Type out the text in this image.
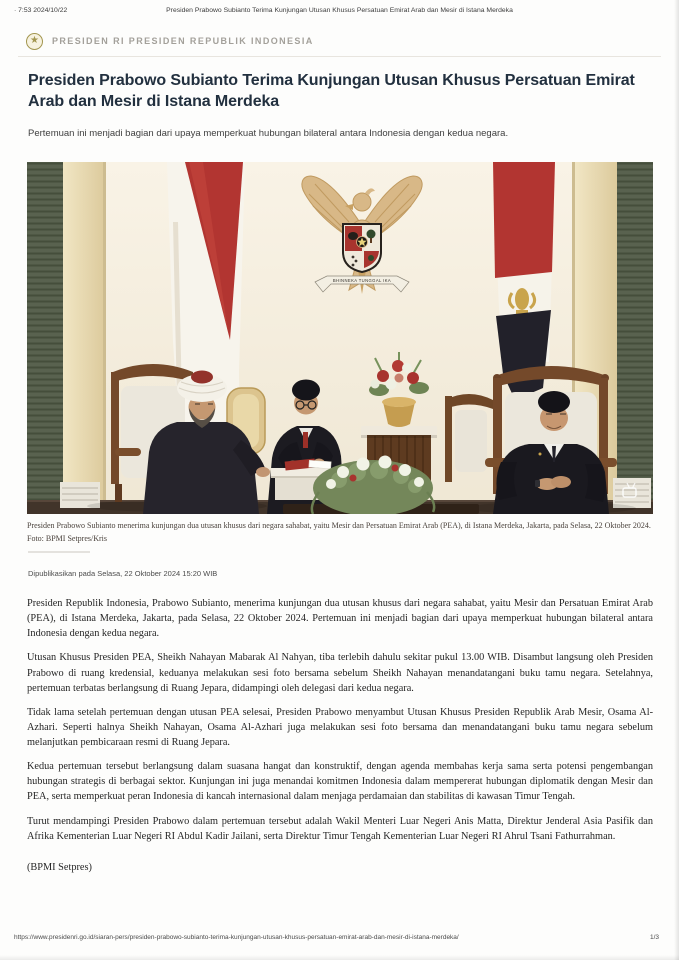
· 7:53 2024/10/22	Presiden Prabowo Subianto Terima Kunjungan Utusan Khusus Persatuan Emirat Arab dan Mesir di Istana Merdeka
★ PRESIDEN RI PRESIDEN REPUBLIK INDONESIA
Presiden Prabowo Subianto Terima Kunjungan Utusan Khusus Persatuan Emirat Arab dan Mesir di Istana Merdeka
Pertemuan ini menjadi bagian dari upaya memperkuat hubungan bilateral antara Indonesia dengan kedua negara.
BHINNEKA TUNGGAL IKA
Presiden Prabowo Subianto menerima kunjungan dua utusan khusus dari negara sahabat, yaitu Mesir dan Persatuan Emirat Arab (PEA), di Istana Merdeka, Jakarta, pada Selasa, 22 Oktober 2024. Foto: BPMI Setpres/Kris
Dipublikasikan pada Selasa, 22 Oktober 2024 15:20 WIB

Presiden Republik Indonesia, Prabowo Subianto, menerima kunjungan dua utusan khusus dari negara sahabat, yaitu Mesir dan Persatuan Emirat Arab (PEA), di Istana Merdeka, Jakarta, pada Selasa, 22 Oktober 2024. Pertemuan ini menjadi bagian dari upaya memperkuat hubungan bilateral antara Indonesia dengan kedua negara.

Utusan Khusus Presiden PEA, Sheikh Nahayan Mabarak Al Nahyan, tiba terlebih dahulu sekitar pukul 13.00 WIB. Disambut langsung oleh Presiden Prabowo di ruang kredensial, keduanya melakukan sesi foto bersama sebelum Sheikh Nahayan menandatangani buku tamu negara. Setelahnya, pertemuan terbatas berlangsung di Ruang Jepara, didampingi oleh delegasi dari kedua negara.

Tidak lama setelah pertemuan dengan utusan PEA selesai, Presiden Prabowo menyambut Utusan Khusus Presiden Republik Arab Mesir, Osama Al-Azhari. Seperti halnya Sheikh Nahayan, Osama Al-Azhari juga melakukan sesi foto bersama dan menandatangani buku tamu negara sebelum melanjutkan pembicaraan resmi di Ruang Jepara.

Kedua pertemuan tersebut berlangsung dalam suasana hangat dan konstruktif, dengan agenda membahas kerja sama serta potensi pengembangan hubungan strategis di berbagai sektor. Kunjungan ini juga menandai komitmen Indonesia dalam mempererat hubungan diplomatik dengan Mesir dan PEA, serta memperkuat peran Indonesia di kancah internasional dalam menjaga perdamaian dan stabilitas di kawasan Timur Tengah.

Turut mendampingi Presiden Prabowo dalam pertemuan tersebut adalah Wakil Menteri Luar Negeri Anis Matta, Direktur Jenderal Asia Pasifik dan Afrika Kementerian Luar Negeri RI Abdul Kadir Jailani, serta Direktur Timur Tengah Kementerian Luar Negeri RI Ahrul Tsani Fathurrahman.

(BPMI Setpres)

https://www.presidenri.go.id/siaran-pers/presiden-prabowo-subianto-terima-kunjungan-utusan-khusus-persatuan-emirat-arab-dan-mesir-di-istana-merdeka/	1/3
